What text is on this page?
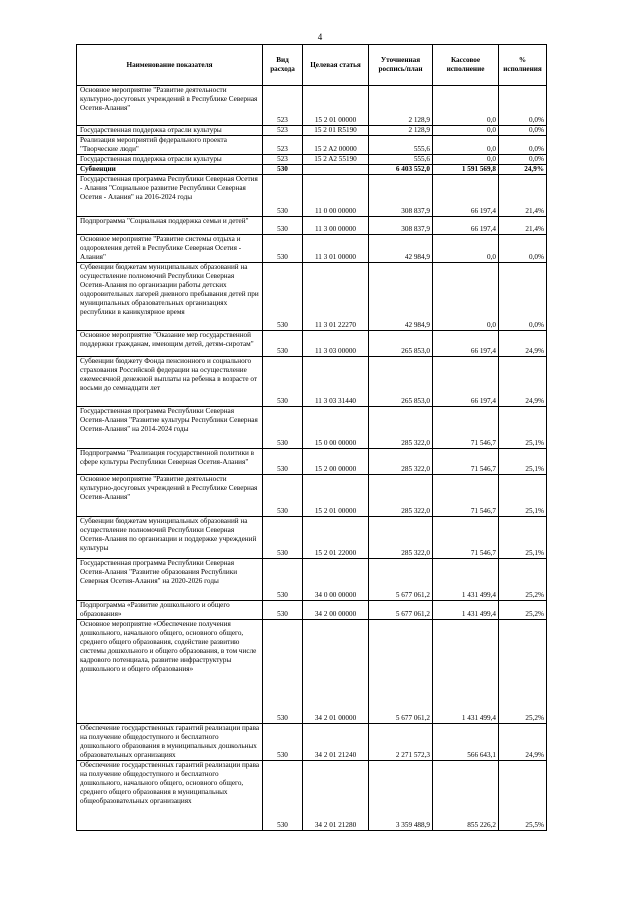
4
Наименование показателя	Вид расхода	Целевая статья	Уточненная роспись/план	Кассовое исполнение	% исполнения
Основное мероприятие "Развитие деятельности культурно-досуговых учреждений в Республике Северная Осетия-Алания"	523	15 2 01 00000	2 128,9	0,0	0,0%
Государственная поддержка отрасли культуры	523	15 2 01 R5190	2 128,9	0,0	0,0%
Реализация мероприятий федерального проекта "Творческие люди"	523	15 2 A2 00000	555,6	0,0	0,0%
Государственная поддержка отрасли культуры	523	15 2 A2 55190	555,6	0,0	0,0%
Субвенции	530		6 403 552,0	1 591 569,8	24,9%
Государственная программа Республики Северная Осетия - Алания "Социальное развитие Республики Северная Осетия - Алания" на 2016-2024 годы	530	11 0 00 00000	308 837,9	66 197,4	21,4%
Подпрограмма "Социальная поддержка семьи и детей"	530	11 3 00 00000	308 837,9	66 197,4	21,4%
Основное мероприятие "Развитие системы отдыха и оздоровления детей в Республике Северная Осетия - Алания"	530	11 3 01 00000	42 984,9	0,0	0,0%
Субвенции бюджетам муниципальных образований на осуществление полномочий Республики Северная Осетия-Алания по организации работы детских оздоровительных лагерей дневного пребывания детей при муниципальных образовательных организациях республики в каникулярное время	530	11 3 01 22270	42 984,9	0,0	0,0%
Основное мероприятие "Оказание мер государственной поддержки гражданам, имеющим детей, детям-сиротам"	530	11 3 03 00000	265 853,0	66 197,4	24,9%
Субвенции бюджету Фонда пенсионного и социального страхования Российской федерации на осуществление ежемесячной денежной выплаты на ребенка в возрасте от восьми до семнадцати лет	530	11 3 03 31440	265 853,0	66 197,4	24,9%
Государственная программа Республики Северная Осетия-Алания "Развитие культуры Республики Северная Осетия-Алания" на 2014-2024 годы	530	15 0 00 00000	285 322,0	71 546,7	25,1%
Подпрограмма "Реализация государственной политики в сфере культуры Республики Северная Осетия-Алания"	530	15 2 00 00000	285 322,0	71 546,7	25,1%
Основное мероприятие "Развитие деятельности культурно-досуговых учреждений в Республике Северная Осетия-Алания"	530	15 2 01 00000	285 322,0	71 546,7	25,1%
Субвенции бюджетам муниципальных образований на осуществление полномочий Республики Северная Осетия-Алания по организации и поддержке учреждений культуры	530	15 2 01 22000	285 322,0	71 546,7	25,1%
Государственная программа Республики Северная Осетия-Алания "Развитие образования Республики Северная Осетия-Алания" на 2020-2026 годы	530	34 0 00 00000	5 677 061,2	1 431 499,4	25,2%
Подпрограмма «Развитие дошкольного и общего образования»	530	34 2 00 00000	5 677 061,2	1 431 499,4	25,2%
Основное мероприятие «Обеспечение получения дошкольного, начального общего, основного общего, среднего общего образования, содействие развитию системы дошкольного и общего образования, в том числе кадрового потенциала, развитие инфраструктуры дошкольного и общего образования»	530	34 2 01 00000	5 677 061,2	1 431 499,4	25,2%
Обеспечение государственных гарантий реализации права на получение общедоступного и бесплатного дошкольного образования в муниципальных дошкольных образовательных организациях	530	34 2 01 21240	2 271 572,3	566 643,1	24,9%
Обеспечение государственных гарантий реализации права на получение общедоступного и бесплатного дошкольного, начального общего, основного общего, среднего общего образования в муниципальных общеобразовательных организациях	530	34 2 01 21280	3 359 488,9	855 226,2	25,5%
